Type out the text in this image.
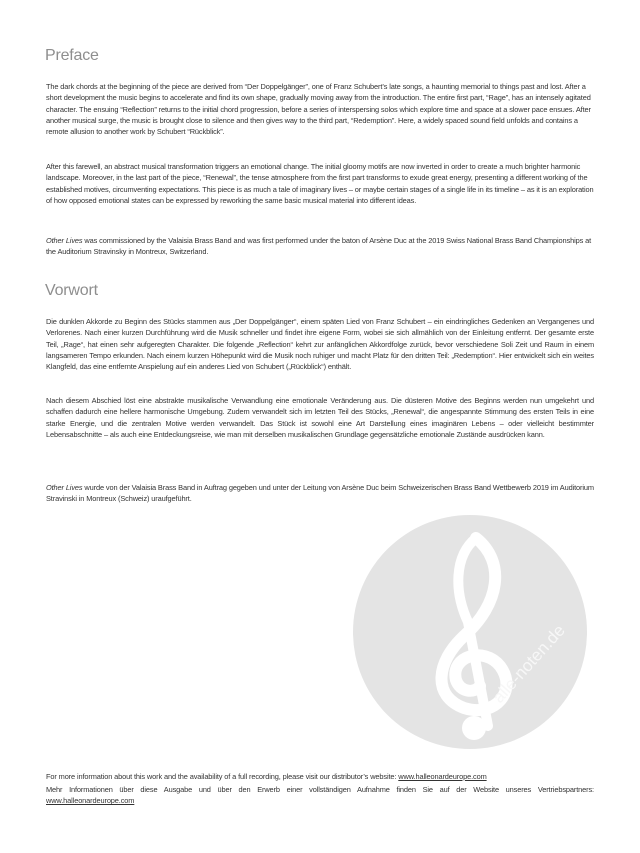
Preface

The dark chords at the beginning of the piece are derived from “Der Doppelgänger”, one of Franz Schubert’s late songs, a haunting memorial to things past and lost. After a short development the music begins to accelerate and find its own shape, gradually moving away from the introduction. The entire first part, “Rage”, has an intensely agitated character. The ensuing “Reflection” returns to the initial chord progression, before a series of interspersing solos which explore time and space at a slower pace ensues. After another musical surge, the music is brought close to silence and then gives way to the third part, “Redemption”. Here, a widely spaced sound field unfolds and contains a remote allusion to another work by Schubert “Rückblick”.

After this farewell, an abstract musical transformation triggers an emotional change. The initial gloomy motifs are now inverted in order to create a much brighter harmonic landscape. Moreover, in the last part of the piece, “Renewal”, the tense atmosphere from the first part transforms to exude great energy, presenting a different working of the established motives, circumventing expectations. This piece is as much a tale of imaginary lives – or maybe certain stages of a single life in its timeline – as it is an exploration of how opposed emotional states can be expressed by reworking the same basic musical material into different ideas.

Other Lives was commissioned by the Valaisia Brass Band and was first performed under the baton of Arsène Duc at the 2019 Swiss National Brass Band Championships at the Auditorium Stravinsky in Montreux, Switzerland.

Vorwort

Die dunklen Akkorde zu Beginn des Stücks stammen aus „Der Doppelgänger“, einem späten Lied von Franz Schubert – ein eindringliches Gedenken an Vergangenes und Verlorenes. Nach einer kurzen Durchführung wird die Musik schneller und findet ihre eigene Form, wobei sie sich allmählich von der Einleitung entfernt. Der gesamte erste Teil, „Rage“, hat einen sehr aufgeregten Charakter. Die folgende „Reflection“ kehrt zur anfänglichen Akkordfolge zurück, bevor verschiedene Soli Zeit und Raum in einem langsameren Tempo erkunden. Nach einem kurzen Höhepunkt wird die Musik noch ruhiger und macht Platz für den dritten Teil: „Redemption“. Hier entwickelt sich ein weites Klangfeld, das eine entfernte Anspielung auf ein anderes Lied von Schubert („Rückblick“) enthält.

Nach diesem Abschied löst eine abstrakte musikalische Verwandlung eine emotionale Veränderung aus. Die düsteren Motive des Beginns werden nun umgekehrt und schaffen dadurch eine hellere harmonische Umgebung. Zudem verwandelt sich im letzten Teil des Stücks, „Renewal“, die angespannte Stimmung des ersten Teils in eine starke Energie, und die zentralen Motive werden verwandelt. Das Stück ist sowohl eine Art Darstellung eines imaginären Lebens – oder vielleicht bestimmter Lebensabschnitte – als auch eine Entdeckungsreise, wie man mit derselben musikalischen Grundlage gegensätzliche emotionale Zustände ausdrücken kann.

Other Lives wurde von der Valaisia Brass Band in Auftrag gegeben und unter der Leitung von Arsène Duc beim Schweizerischen Brass Band Wettbewerb 2019 im Auditorium Stravinski in Montreux (Schweiz) uraufgeführt.

alle-noten.de

For more information about this work and the availability of a full recording, please visit our distributor’s website: www.halleonardeurope.com

Mehr Informationen über diese Ausgabe und über den Erwerb einer vollständigen Aufnahme finden Sie auf der Website unseres Vertriebspartners: www.halleonardeurope.com
